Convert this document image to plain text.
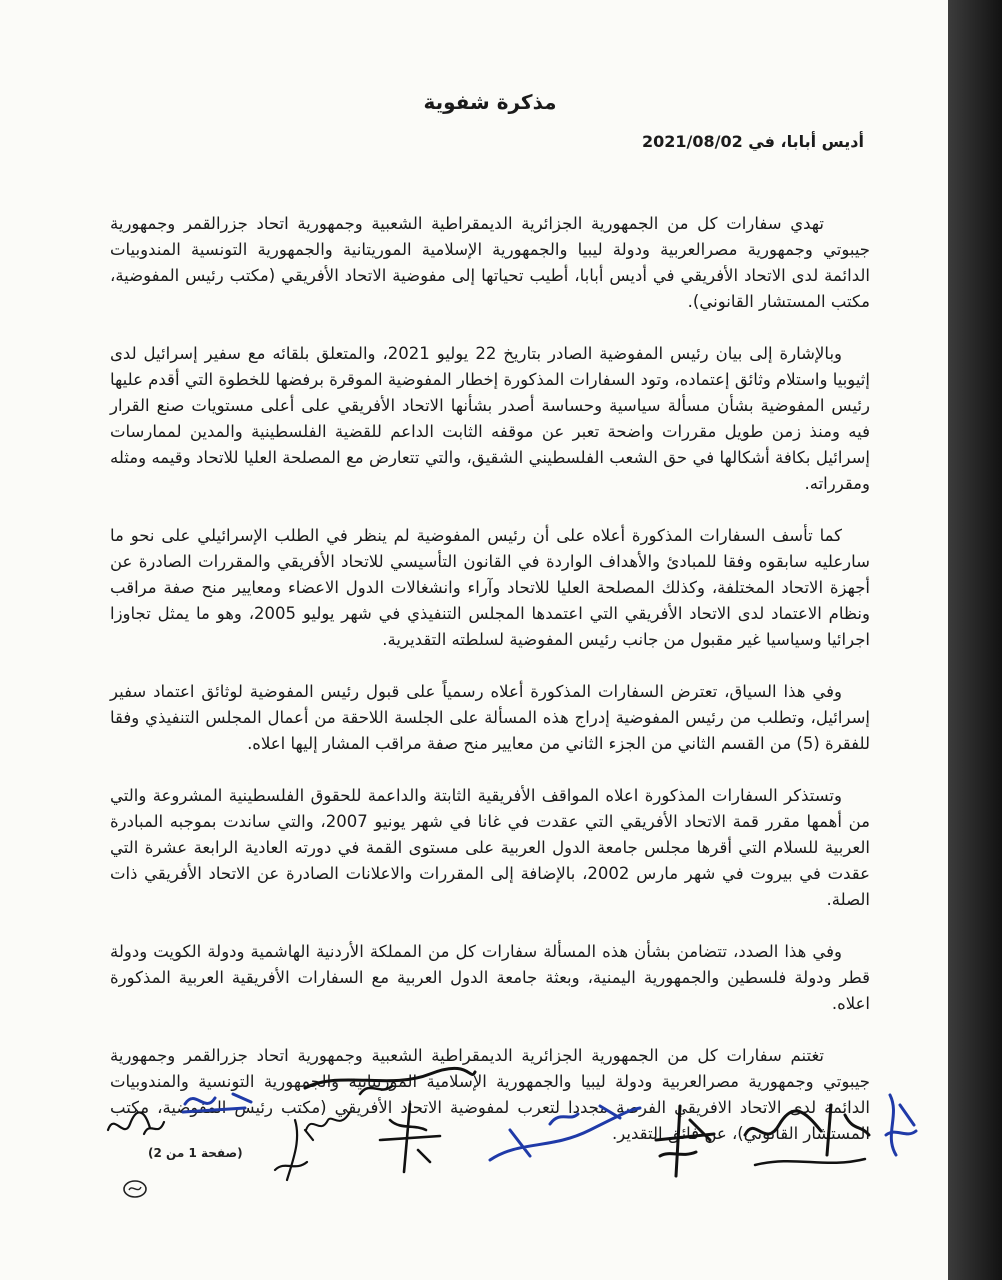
مذكرة شفوية
أديس أبابا، في 2021/08/02

تهدي سفارات كل من الجمهورية الجزائرية الديمقراطية الشعبية وجمهورية اتحاد جزرالقمر وجمهورية جيبوتي وجمهورية مصرالعربية ودولة ليبيا والجمهورية الإسلامية الموريتانية والجمهورية التونسية المندوبيات الدائمة لدى الاتحاد الأفريقي في أديس أبابا، أطيب تحياتها إلى مفوضية الاتحاد الأفريقي (مكتب رئيس المفوضية، مكتب المستشار القانوني).

وبالإشارة إلى بيان رئيس المفوضية الصادر بتاريخ 22 يوليو 2021، والمتعلق بلقائه مع سفير إسرائيل لدى إثيوبيا واستلام وثائق إعتماده، وتود السفارات المذكورة إخطار المفوضية الموقرة برفضها للخطوة التي أقدم عليها رئيس المفوضية بشأن مسألة سياسية وحساسة أصدر بشأنها الاتحاد الأفريقي على أعلى مستويات صنع القرار فيه ومنذ زمن طويل مقررات واضحة تعبر عن موقفه الثابت الداعم للقضية الفلسطينية والمدين لممارسات إسرائيل بكافة أشكالها في حق الشعب الفلسطيني الشقيق، والتي تتعارض مع المصلحة العليا للاتحاد وقيمه ومثله ومقرراته.

كما تأسف السفارات المذكورة أعلاه على أن رئيس المفوضية لم ينظر في الطلب الإسرائيلي على نحو ما سارعليه سابقوه وفقا للمبادئ والأهداف الواردة في القانون التأسيسي للاتحاد الأفريقي والمقررات الصادرة عن أجهزة الاتحاد المختلفة، وكذلك المصلحة العليا للاتحاد وآراء وانشغالات الدول الاعضاء ومعايير منح صفة مراقب ونظام الاعتماد لدى الاتحاد الأفريقي التي اعتمدها المجلس التنفيذي في شهر يوليو 2005، وهو ما يمثل تجاوزا اجرائيا وسياسيا غير مقبول من جانب رئيس المفوضية لسلطته التقديرية.

وفي هذا السياق، تعترض السفارات المذكورة أعلاه رسمياً على قبول رئيس المفوضية لوثائق اعتماد سفير إسرائيل، وتطلب من رئيس المفوضية إدراج هذه المسألة على الجلسة اللاحقة من أعمال المجلس التنفيذي وفقا للفقرة (5) من القسم الثاني من الجزء الثاني من معايير منح صفة مراقب المشار إليها اعلاه.

وتستذكر السفارات المذكورة اعلاه المواقف الأفريقية الثابتة والداعمة للحقوق الفلسطينية المشروعة والتي من أهمها مقرر قمة الاتحاد الأفريقي التي عقدت في غانا في شهر يونيو 2007، والتي ساندت بموجبه المبادرة العربية للسلام التي أقرها مجلس جامعة الدول العربية على مستوى القمة في دورته العادية الرابعة عشرة التي عقدت في بيروت في شهر مارس 2002، بالإضافة إلى المقررات والاعلانات الصادرة عن الاتحاد الأفريقي ذات الصلة.

وفي هذا الصدد، تتضامن بشأن هذه المسألة سفارات كل من المملكة الأردنية الهاشمية ودولة الكويت ودولة قطر ودولة فلسطين والجمهورية اليمنية، وبعثة جامعة الدول العربية مع السفارات الأفريقية العربية المذكورة اعلاه.

تغتنم سفارات كل من الجمهورية الجزائرية الديمقراطية الشعبية وجمهورية اتحاد جزرالقمر وجمهورية جيبوتي وجمهورية مصرالعربية ودولة ليبيا والجمهورية الإسلامية الموريتانية والجمهورية التونسية والمندوبيات الدائمة لدى الاتحاد الافريقي الفرصة مجددا لتعرب لمفوضية الاتحاد الأفريقي (مكتب رئيس المفوضية، مكتب المستشار القانوني)، عن فائق التقدير.

(صفحة 1 من 2)
